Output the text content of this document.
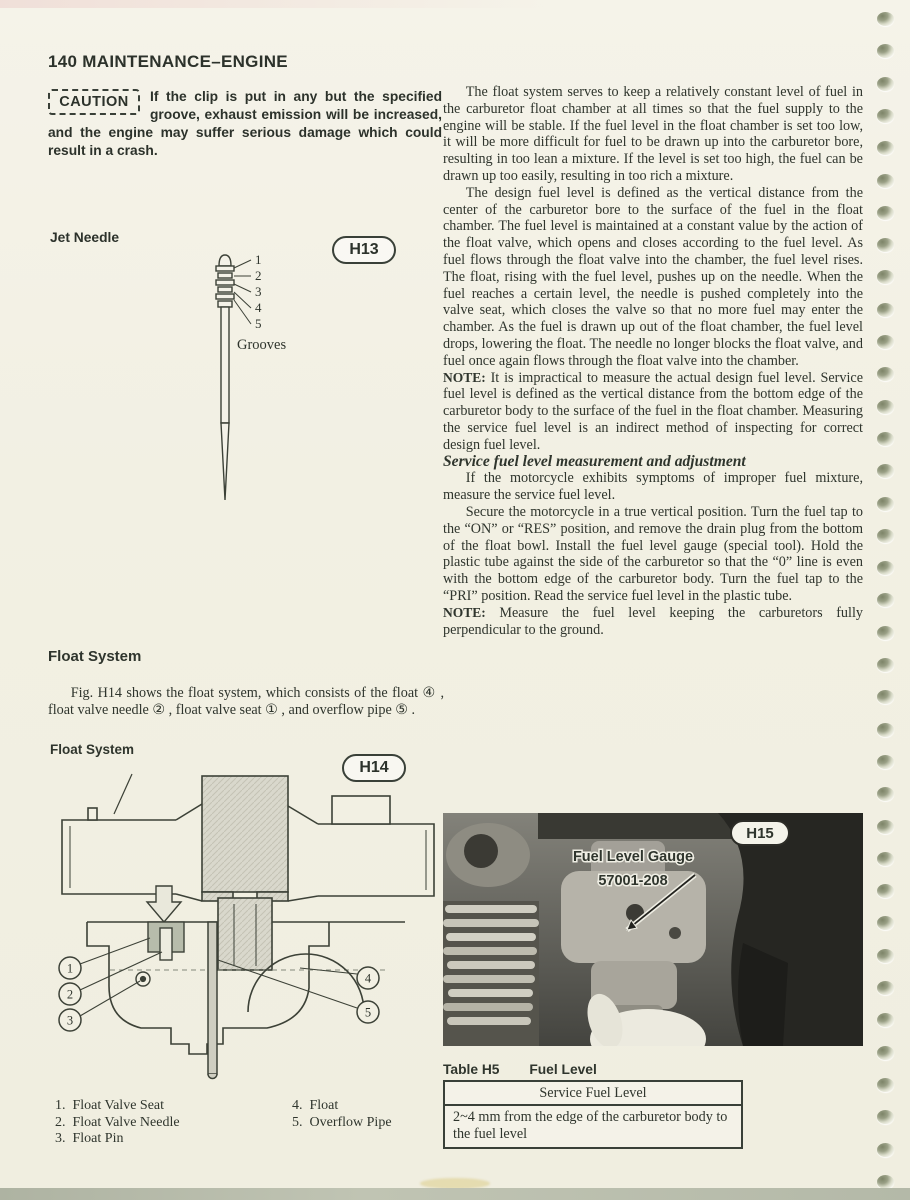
140 MAINTENANCE–ENGINE
CAUTION	If the clip is put in any but the specified groove, exhaust emission will be increased, and the engine may suffer serious damage which could result in a crash.
Jet Needle
H13
1
2
3
4
5
Grooves

The float system serves to keep a relatively constant level of fuel in the carburetor float chamber at all times so that the fuel supply to the engine will be stable. If the fuel level in the float chamber is set too low, it will be more difficult for fuel to be drawn up into the carburetor bore, resulting in too lean a mixture. If the level is set too high, the fuel can be drawn up too easily, resulting in too rich a mixture.

The design fuel level is defined as the vertical distance from the center of the carburetor bore to the surface of the fuel in the float chamber. The fuel level is maintained at a constant value by the action of the float valve, which opens and closes according to the fuel level. As fuel flows through the float valve into the chamber, the fuel level rises. The float, rising with the fuel level, pushes up on the needle. When the fuel reaches a certain level, the needle is pushed completely into the valve seat, which closes the valve so that no more fuel may enter the chamber. As the fuel is drawn up out of the float chamber, the fuel level drops, lowering the float. The needle no longer blocks the float valve, and fuel once again flows through the float valve into the chamber.

NOTE: It is impractical to measure the actual design fuel level. Service fuel level is defined as the vertical distance from the bottom edge of the carburetor body to the surface of the fuel in the float chamber. Measuring the service fuel level is an indirect method of inspecting for correct design fuel level.

Service fuel level measurement and adjustment

If the motorcycle exhibits symptoms of improper fuel mixture, measure the service fuel level.

Secure the motorcycle in a true vertical position. Turn the fuel tap to the “ON” or “RES” position, and remove the drain plug from the bottom of the float bowl. Install the fuel level gauge (special tool). Hold the plastic tube against the side of the carburetor so that the “0” line is even with the bottom edge of the carburetor body. Turn the fuel tap to the “PRI” position. Read the service fuel level in the plastic tube.

NOTE: Measure the fuel level keeping the carburetors fully perpendicular to the ground.

Float System

Fig. H14 shows the float system, which consists of the float ④ , float valve needle ② , float valve seat ① , and overflow pipe ⑤ .

Float System
H14
1
2
3
4
5
1.  Float Valve Seat
2.  Float Valve Needle
3.  Float Pin
4.  Float
5.  Overflow Pipe
Fuel Level Gauge
57001-208
H15
Table H5 Fuel Level
Service Fuel Level
2~4 mm from the edge of the carburetor body to the fuel level
